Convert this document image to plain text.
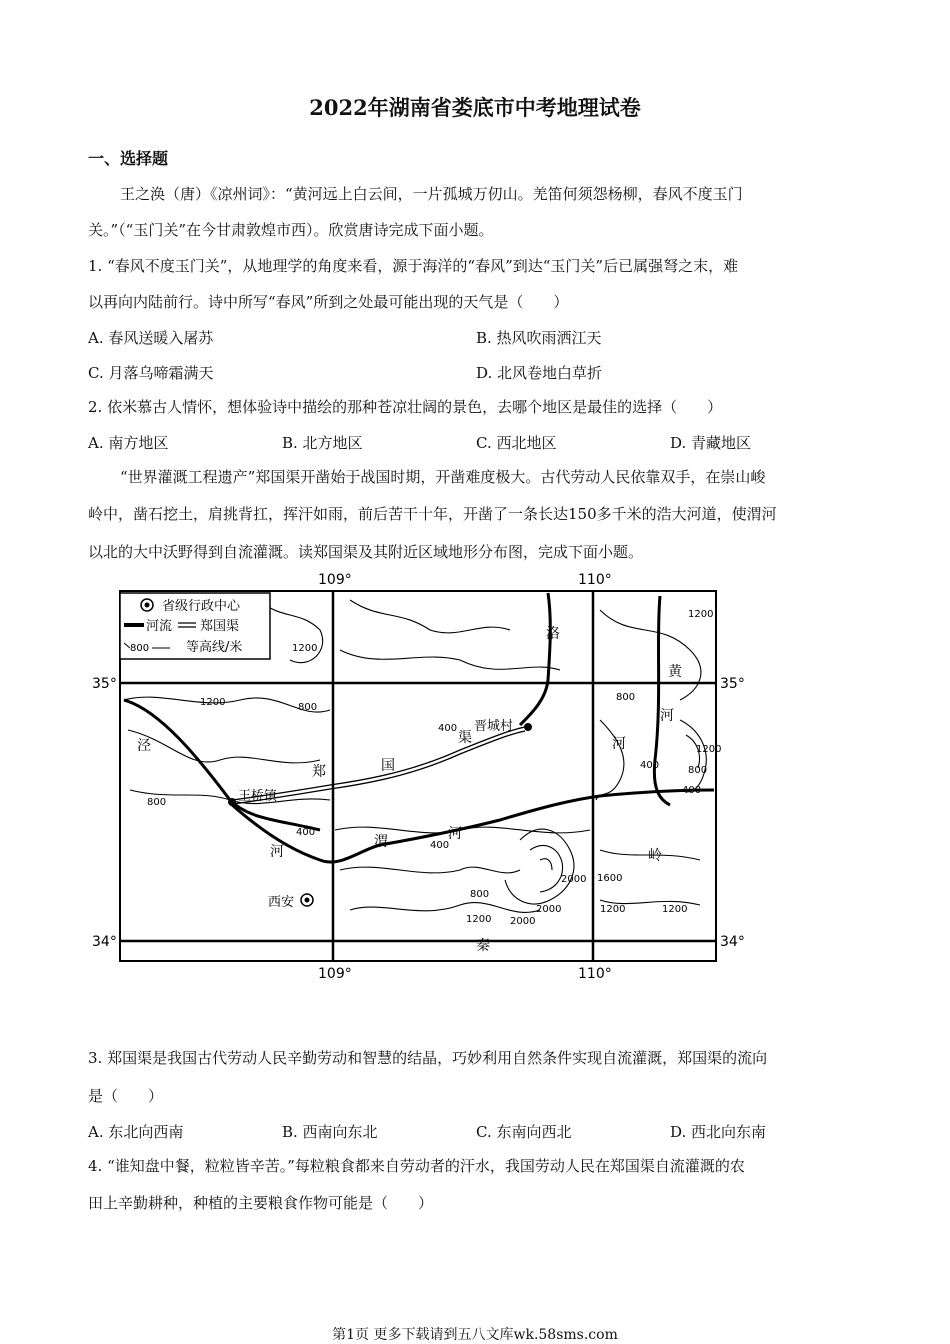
2022年湖南省娄底市中考地理试卷
一、选择题
王之涣（唐）《凉州词》：“黄河远上白云间，一片孤城万仞山。羌笛何须怨杨柳，春风不度玉门
关。”（“玉门关”在今甘肃敦煌市西）。欣赏唐诗完成下面小题。
1. “春风不度玉门关”，从地理学的角度来看，源于海洋的“春风”到达“玉门关”后已属强弩之末，难
以再向内陆前行。诗中所写“春风”所到之处最可能出现的天气是（　　）
A. 春风送暖入屠苏	B. 热风吹雨洒江天
C. 月落乌啼霜满天	D. 北风卷地白草折
2. 依米慕古人情怀，想体验诗中描绘的那种苍凉壮阔的景色，去哪个地区是最佳的选择（　　）
A. 南方地区	B. 北方地区	C. 西北地区	D. 青藏地区
“世界灌溉工程遗产”郑国渠开凿始于战国时期，开凿难度极大。古代劳动人民依靠双手，在崇山峻
岭中，凿石挖土，肩挑背扛，挥汗如雨，前后苦干十年，开凿了一条长达150多千米的浩大河道，使渭河
以北的大中沃野得到自流灌溉。读郑国渠及其附近区域地形分布图，完成下面小题。
省级行政中心
河流 郑国渠
800	等高线/米
109°	110°
109°	110°
35°	35°
34°	34°
晋城村
王桥镇
西安
泾
河
洛
河
黄
河
郑	国
渠
渭	河
秦
岭
1200
1200	800
800
400
400
800
400
400
800
1200
2000 1600
1200
1200 2000
1200
400
800
2000	1200
3. 郑国渠是我国古代劳动人民辛勤劳动和智慧的结晶，巧妙利用自然条件实现自流灌溉，郑国渠的流向
是（　　）
A. 东北向西南	B. 西南向东北	C. 东南向西北	D. 西北向东南
4. “谁知盘中餐，粒粒皆辛苦。”每粒粮食都来自劳动者的汗水，我国劳动人民在郑国渠自流灌溉的农
田上辛勤耕种，种植的主要粮食作物可能是（　　）
第1页 更多下载请到五八文库wk.58sms.com
